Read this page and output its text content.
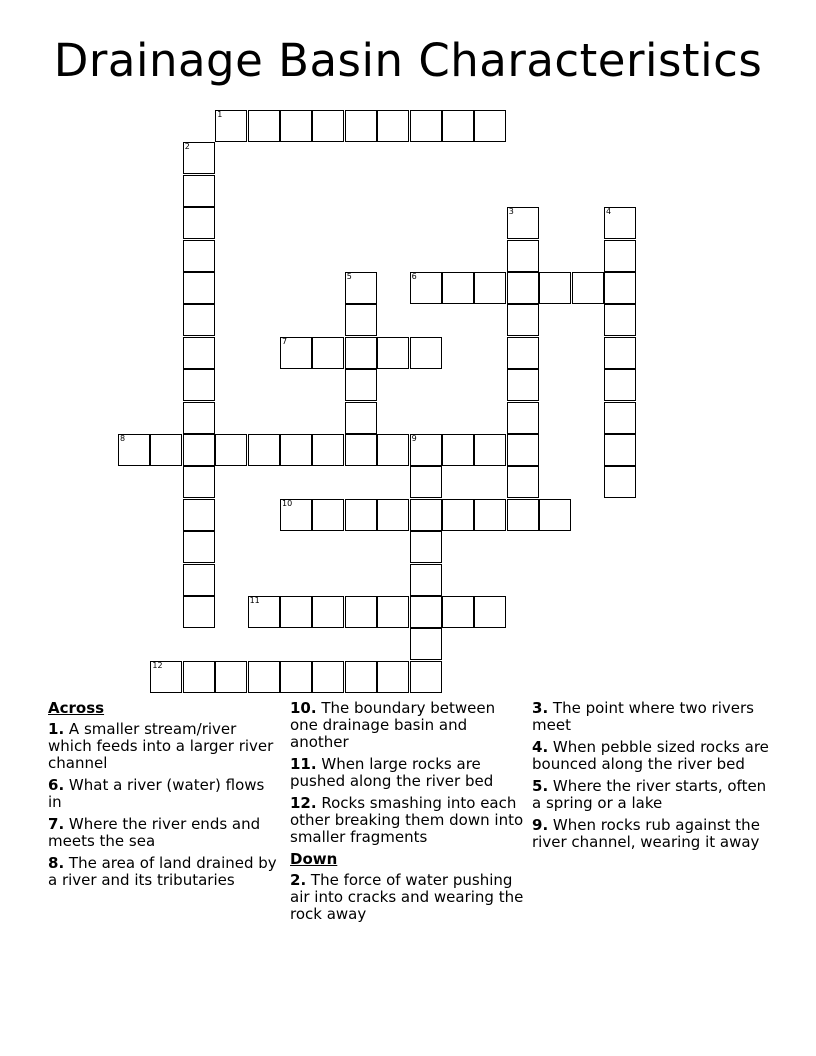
Drainage Basin Characteristics
1
2
3	4
5	6
7
8	9
10
11
12
Across
1. A smaller stream/river which feeds into a larger river channel
6. What a river (water) flows in
7. Where the river ends and meets the sea
8. The area of land drained by a river and its tributaries
10. The boundary between one drainage basin and another
11. When large rocks are pushed along the river bed
12. Rocks smashing into each other breaking them down into smaller fragments
Down
2. The force of water pushing air into cracks and wearing the rock away
3. The point where two rivers meet
4. When pebble sized rocks are bounced along the river bed
5. Where the river starts, often a spring or a lake
9. When rocks rub against the river channel, wearing it away
